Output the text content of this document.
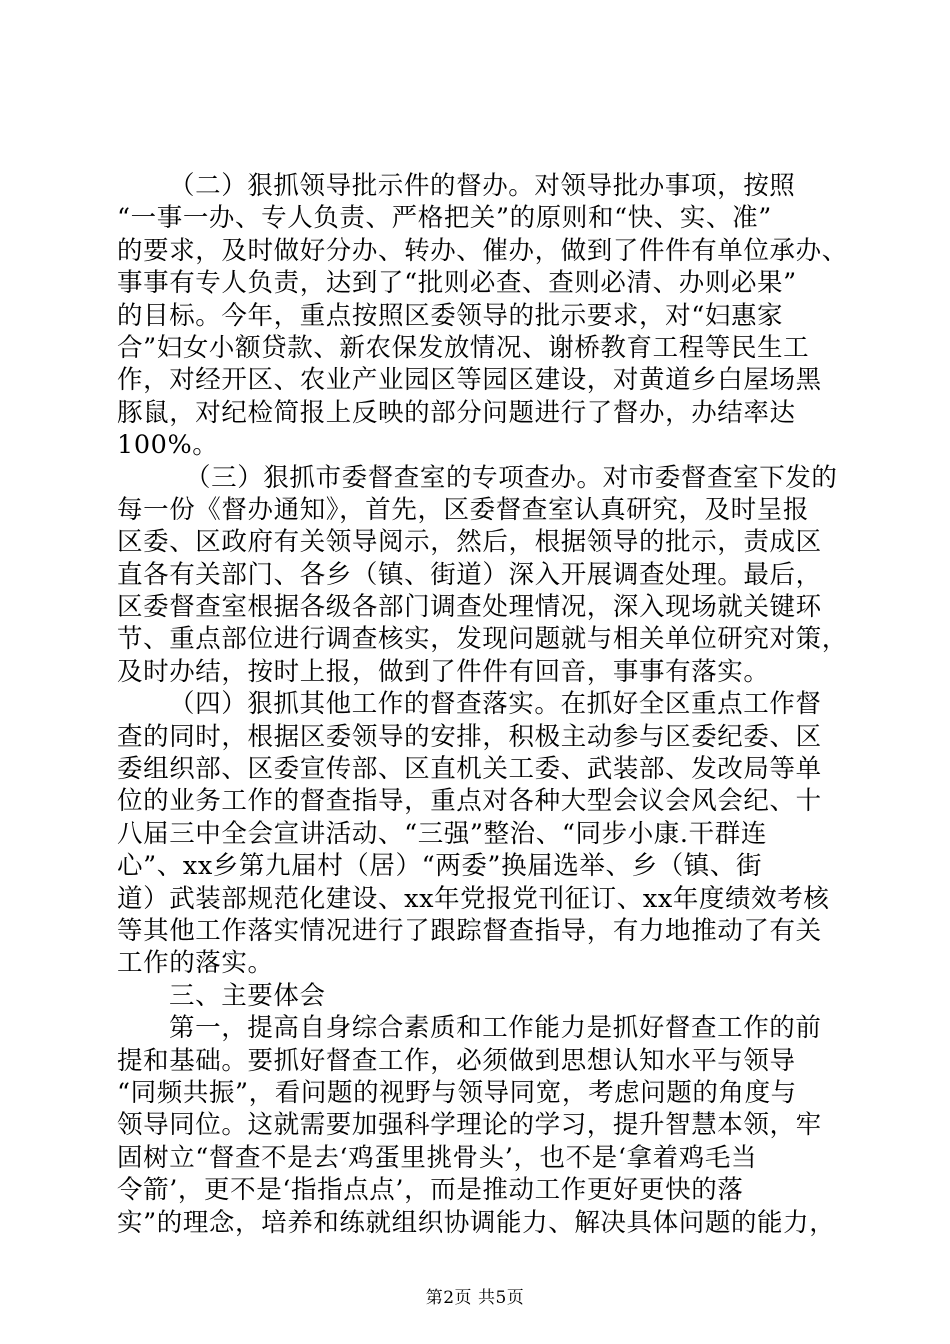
（二）狠抓领导批示件的督办。对领导批办事项，按照
“一事一办、专人负责、严格把关”的原则和“快、实、准”
的要求，及时做好分办、转办、催办，做到了件件有单位承办、
事事有专人负责，达到了“批则必查、查则必清、办则必果”
的目标。今年，重点按照区委领导的批示要求，对“妇惠家
合”妇女小额贷款、新农保发放情况、谢桥教育工程等民生工
作，对经开区、农业产业园区等园区建设，对黄道乡白屋场黑
豚鼠，对纪检简报上反映的部分问题进行了督办，办结率达
100%。
（三）狠抓市委督查室的专项查办。对市委督查室下发的
每一份《督办通知》，首先，区委督查室认真研究，及时呈报
区委、区政府有关领导阅示，然后，根据领导的批示，责成区
直各有关部门、各乡（镇、街道）深入开展调查处理。最后，
区委督查室根据各级各部门调查处理情况，深入现场就关键环
节、重点部位进行调查核实，发现问题就与相关单位研究对策，
及时办结，按时上报，做到了件件有回音，事事有落实。
（四）狠抓其他工作的督查落实。在抓好全区重点工作督
查的同时，根据区委领导的安排，积极主动参与区委纪委、区
委组织部、区委宣传部、区直机关工委、武装部、发改局等单
位的业务工作的督查指导，重点对各种大型会议会风会纪、十
八届三中全会宣讲活动、“三强”整治、“同步小康.干群连
心”、xx乡第九届村（居）“两委”换届选举、乡（镇、街
道）武装部规范化建设、xx年党报党刊征订、xx年度绩效考核
等其他工作落实情况进行了跟踪督查指导，有力地推动了有关
工作的落实。
三、主要体会
第一，提高自身综合素质和工作能力是抓好督查工作的前
提和基础。要抓好督查工作，必须做到思想认知水平与领导
“同频共振”，看问题的视野与领导同宽，考虑问题的角度与
领导同位。这就需要加强科学理论的学习，提升智慧本领，牢
固树立“督查不是去‘鸡蛋里挑骨头’，也不是‘拿着鸡毛当
令箭’，更不是‘指指点点’，而是推动工作更好更快的落
实”的理念，培养和练就组织协调能力、解决具体问题的能力，
第2页 共5页
